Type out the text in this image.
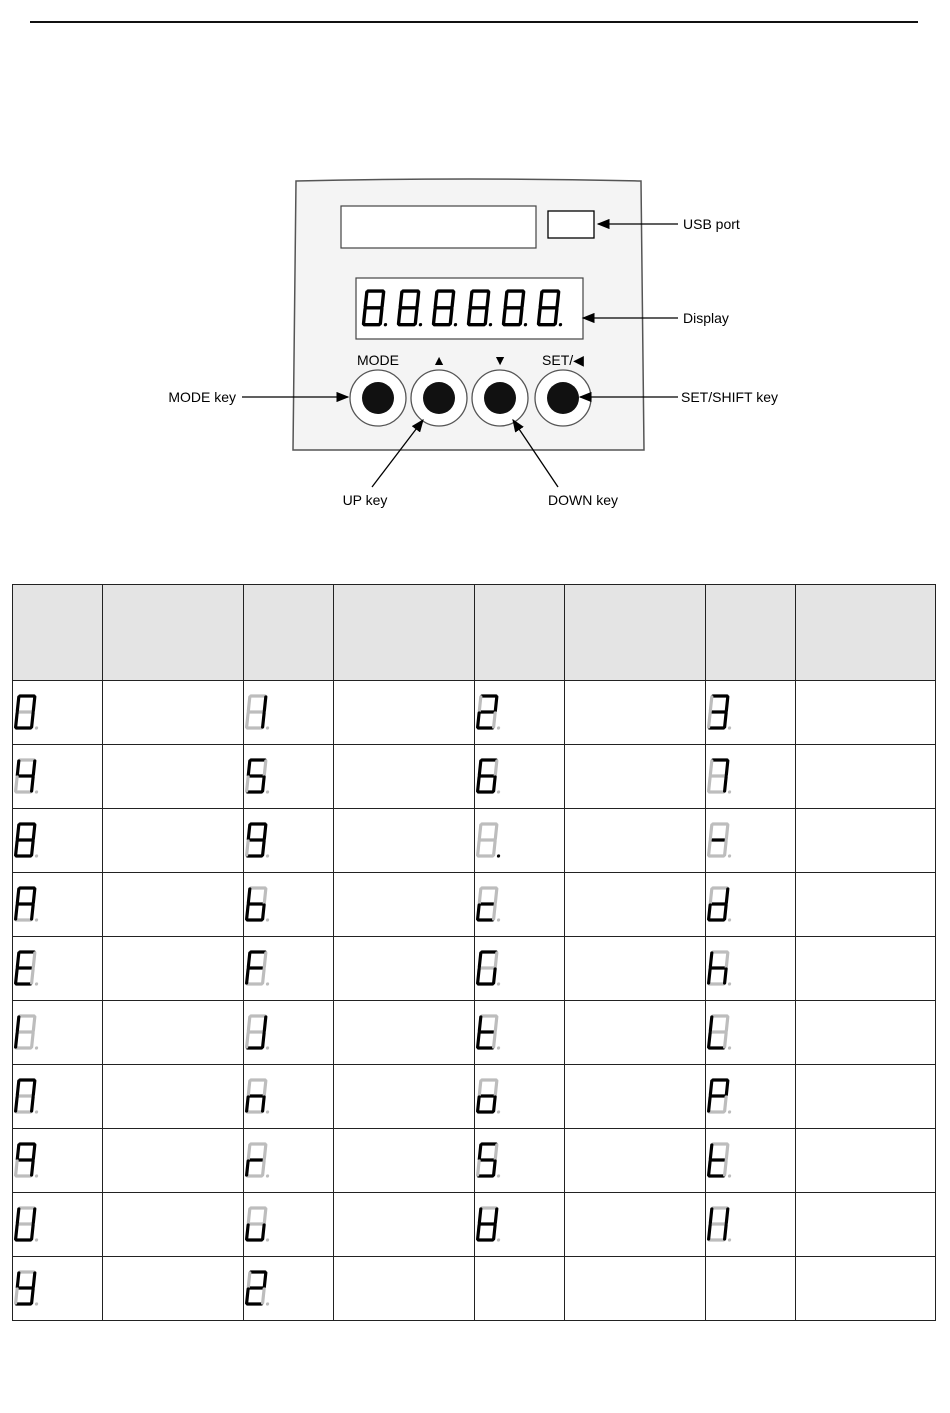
MODE ▲	▼	SET/◀
USB port
Display
MODE key	SET/SHIFT key
UP key	DOWN key
